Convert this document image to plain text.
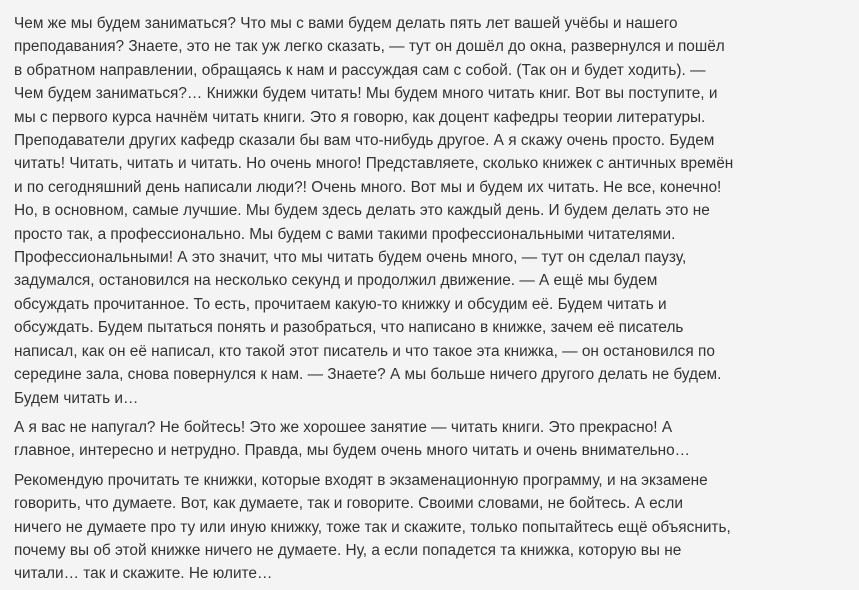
Чем же мы будем заниматься? Что мы с вами будем делать пять лет вашей учёбы и нашего
преподавания? Знаете, это не так уж легко сказать, — тут он дошёл до окна, развернулся и пошёл
в обратном направлении, обращаясь к нам и рассуждая сам с собой. (Так он и будет ходить). —
Чем будем заниматься?… Книжки будем читать! Мы будем много читать книг. Вот вы поступите, и
мы с первого курса начнём читать книги. Это я говорю, как доцент кафедры теории литературы.
Преподаватели других кафедр сказали бы вам что-нибудь другое. А я скажу очень просто. Будем
читать! Читать, читать и читать. Но очень много! Представляете, сколько книжек с античных времён
и по сегодняшний день написали люди?! Очень много. Вот мы и будем их читать. Не все, конечно!
Но, в основном, самые лучшие. Мы будем здесь делать это каждый день. И будем делать это не
просто так, а профессионально. Мы будем с вами такими профессиональными читателями.
Профессиональными! А это значит, что мы читать будем очень много, — тут он сделал паузу,
задумался, остановился на несколько секунд и продолжил движение. — А ещё мы будем
обсуждать прочитанное. То есть, прочитаем какую-то книжку и обсудим её. Будем читать и
обсуждать. Будем пытаться понять и разобраться, что написано в книжке, зачем её писатель
написал, как он её написал, кто такой этот писатель и что такое эта книжка, — он остановился по
середине зала, снова повернулся к нам. — Знаете? А мы больше ничего другого делать не будем.
Будем читать и…

А я вас не напугал? Не бойтесь! Это же хорошее занятие — читать книги. Это прекрасно! А
главное, интересно и нетрудно. Правда, мы будем очень много читать и очень внимательно…

Рекомендую прочитать те книжки, которые входят в экзаменационную программу, и на экзамене
говорить, что думаете. Вот, как думаете, так и говорите. Своими словами, не бойтесь. А если
ничего не думаете про ту или иную книжку, тоже так и скажите, только попытайтесь ещё объяснить,
почему вы об этой книжке ничего не думаете. Ну, а если попадется та книжка, которую вы не
читали… так и скажите. Не юлите…
